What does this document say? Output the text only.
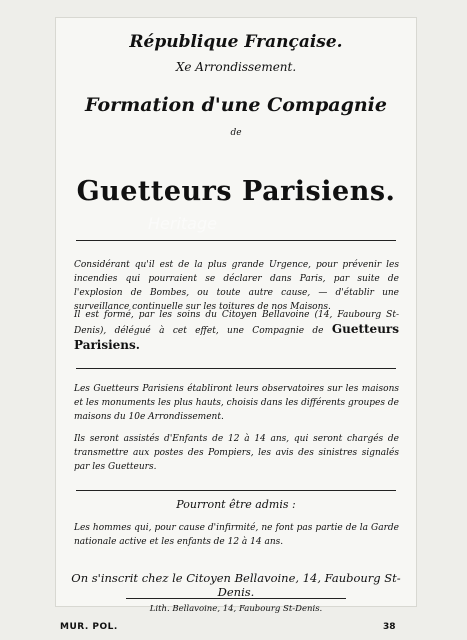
République Française.
Xe Arrondissement.
Formation d'une Compagnie
de
Guetteurs Parisiens.
Considérant qu'il est de la plus grande Urgence, pour prévenir les incendies qui pourraient se déclarer dans Paris, par suite de l'explosion de Bombes, ou toute autre cause, — d'établir une surveillance continuelle sur les toitures de nos Maisons.
Il est formé, par les soins du Citoyen Bellavoine (14, Faubourg St-Denis), délégué à cet effet, une Compagnie de Guetteurs Parisiens.
Les Guetteurs Parisiens établiront leurs observatoires sur les maisons et les monuments les plus hauts, choisis dans les différents groupes de maisons du 10e Arrondissement.
Ils seront assistés d'Enfants de 12 à 14 ans, qui seront chargés de transmettre aux postes des Pompiers, les avis des sinistres signalés par les Guetteurs.
Pourront être admis :
Les hommes qui, pour cause d'infirmité, ne font pas partie de la Garde nationale active et les enfants de 12 à 14 ans.
On s'inscrit chez le Citoyen Bellavoine, 14, Faubourg St-Denis.
Lith. Bellavoine, 14, Faubourg St-Denis.
Heritage
MUR. POL.	38
